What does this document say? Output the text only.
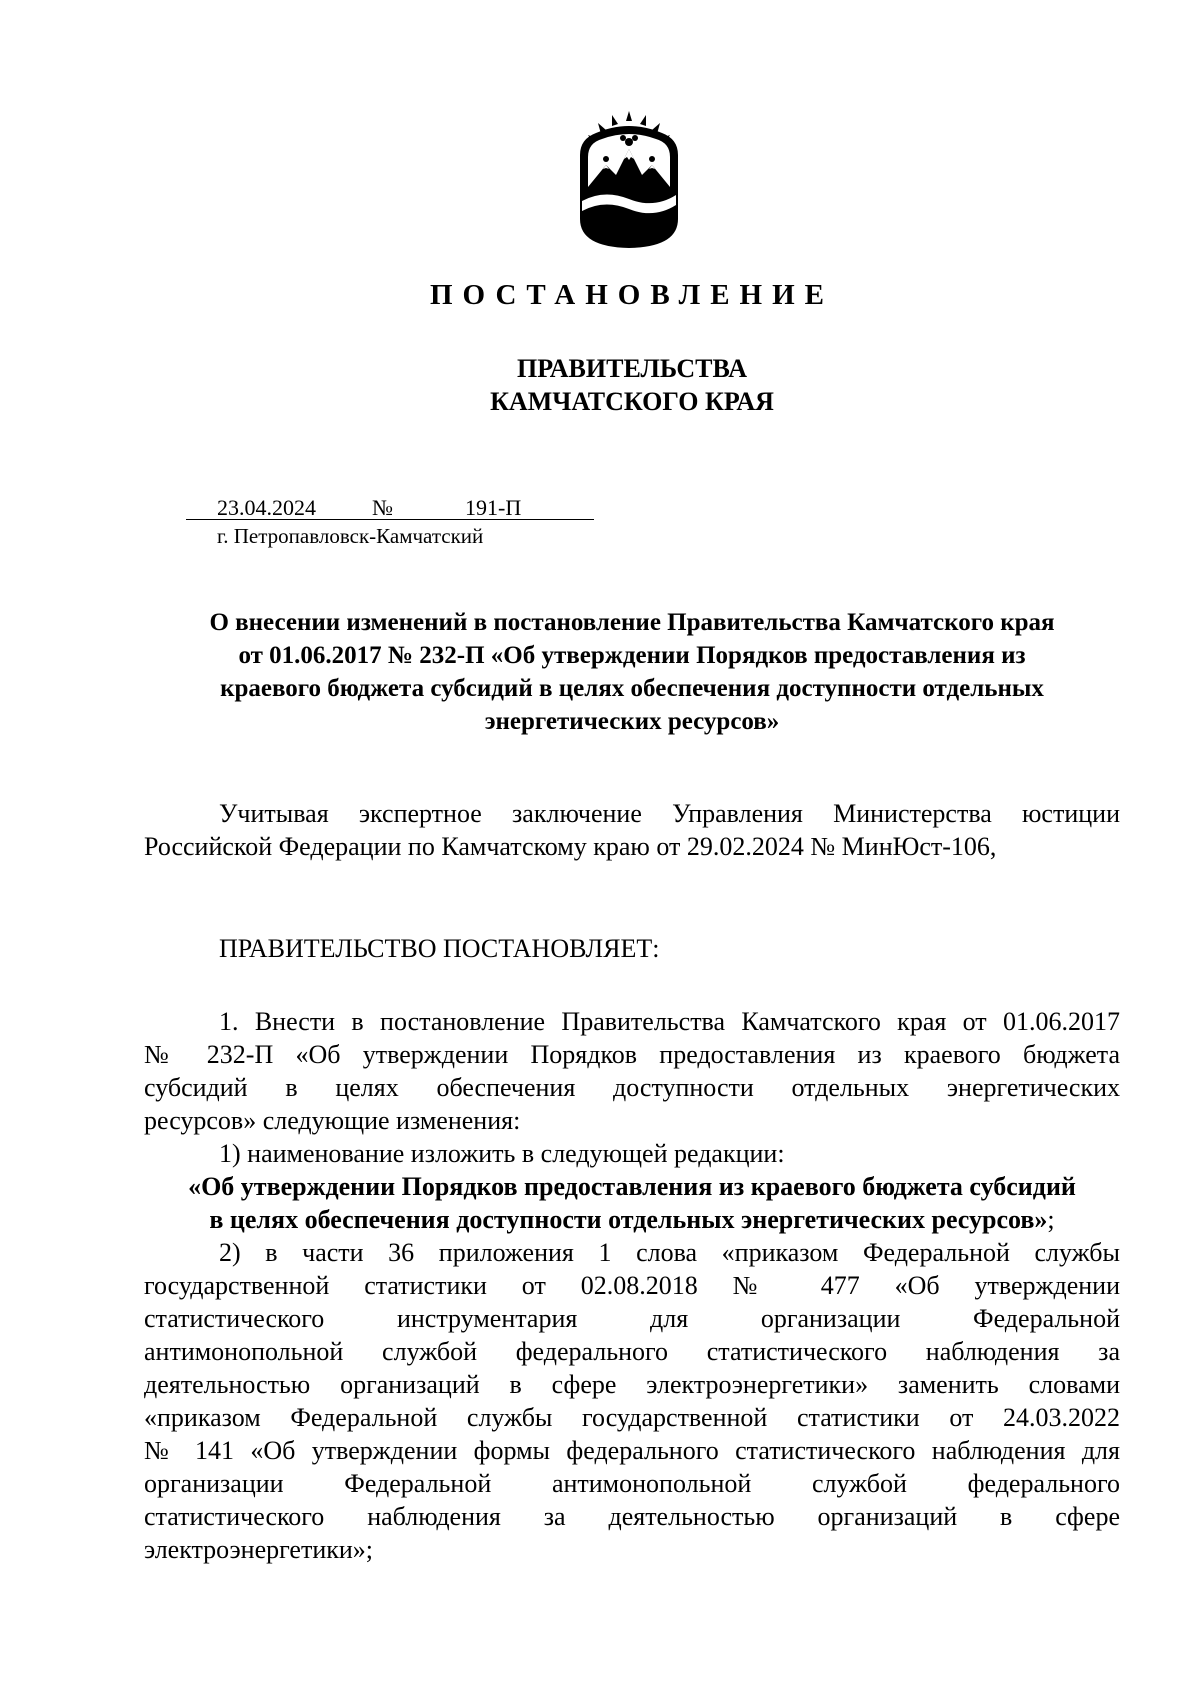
ПОСТАНОВЛЕНИЕ
ПРАВИТЕЛЬСТВА
КАМЧАТСКОГО КРАЯ
23.04.2024	№	191-П
г. Петропавловск-Камчатский
О внесении изменений в постановление Правительства Камчатского края
от 01.06.2017 № 232-П «Об утверждении Порядков предоставления из
краевого бюджета субсидий в целях обеспечения доступности отдельных
энергетических ресурсов»
Учитывая экспертное заключение Управления Министерства юстиции
Российской Федерации по Камчатскому краю от 29.02.2024 № МинЮст-106,
ПРАВИТЕЛЬСТВО ПОСТАНОВЛЯЕТ:
1. Внести в постановление Правительства Камчатского края от 01.06.2017
№ 232-П «Об утверждении Порядков предоставления из краевого бюджета
субсидий в целях обеспечения доступности отдельных энергетических
ресурсов» следующие изменения:
1) наименование изложить в следующей редакции:
«Об утверждении Порядков предоставления из краевого бюджета субсидий
в целях обеспечения доступности отдельных энергетических ресурсов»;
2) в части 36 приложения 1 слова «приказом Федеральной службы
государственной статистики от 02.08.2018 № 477 «Об утверждении
статистического инструментария для организации Федеральной
антимонопольной службой федерального статистического наблюдения за
деятельностью организаций в сфере электроэнергетики» заменить словами
«приказом Федеральной службы государственной статистики от 24.03.2022
№ 141 «Об утверждении формы федерального статистического наблюдения для
организации Федеральной антимонопольной службой федерального
статистического наблюдения за деятельностью организаций в сфере
электроэнергетики»;
